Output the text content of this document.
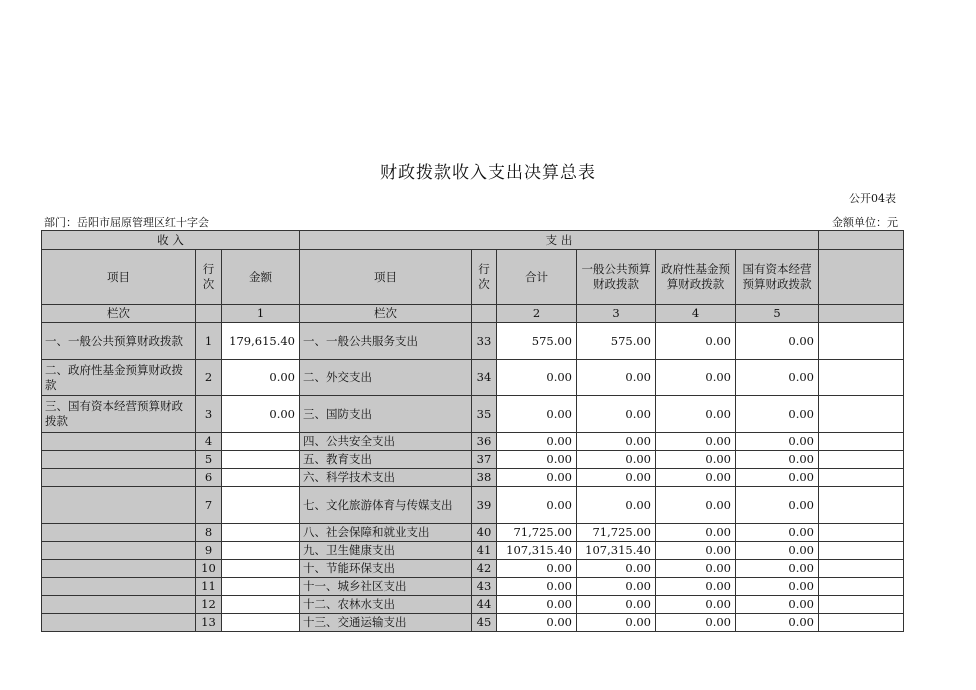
财政拨款收入支出决算总表
公开04表
部门：岳阳市屈原管理区红十字会	金额单位：元
收 入			支 出						
项目	行次	金额	项目	行次	合计	一般公共预算财政拨款	政府性基金预算财政拨款	国有资本经营预算财政拨款	
栏次		1	栏次		2	3	4	5	
一、一般公共预算财政拨款	1	179,615.40	一、一般公共服务支出	33	575.00	575.00	0.00	0.00	
二、政府性基金预算财政拨款	2	0.00	二、外交支出	34	0.00	0.00	0.00	0.00	
三、国有资本经营预算财政拨款	3	0.00	三、国防支出	35	0.00	0.00	0.00	0.00	
	4		四、公共安全支出	36	0.00	0.00	0.00	0.00	
	5		五、教育支出	37	0.00	0.00	0.00	0.00	
	6		六、科学技术支出	38	0.00	0.00	0.00	0.00	
	7		七、文化旅游体育与传媒支出	39	0.00	0.00	0.00	0.00	
	8		八、社会保障和就业支出	40	71,725.00	71,725.00	0.00	0.00	
	9		九、卫生健康支出	41	107,315.40	107,315.40	0.00	0.00	
	10		十、节能环保支出	42	0.00	0.00	0.00	0.00	
	11		十一、城乡社区支出	43	0.00	0.00	0.00	0.00	
	12		十二、农林水支出	44	0.00	0.00	0.00	0.00	
	13		十三、交通运输支出	45	0.00	0.00	0.00	0.00	
